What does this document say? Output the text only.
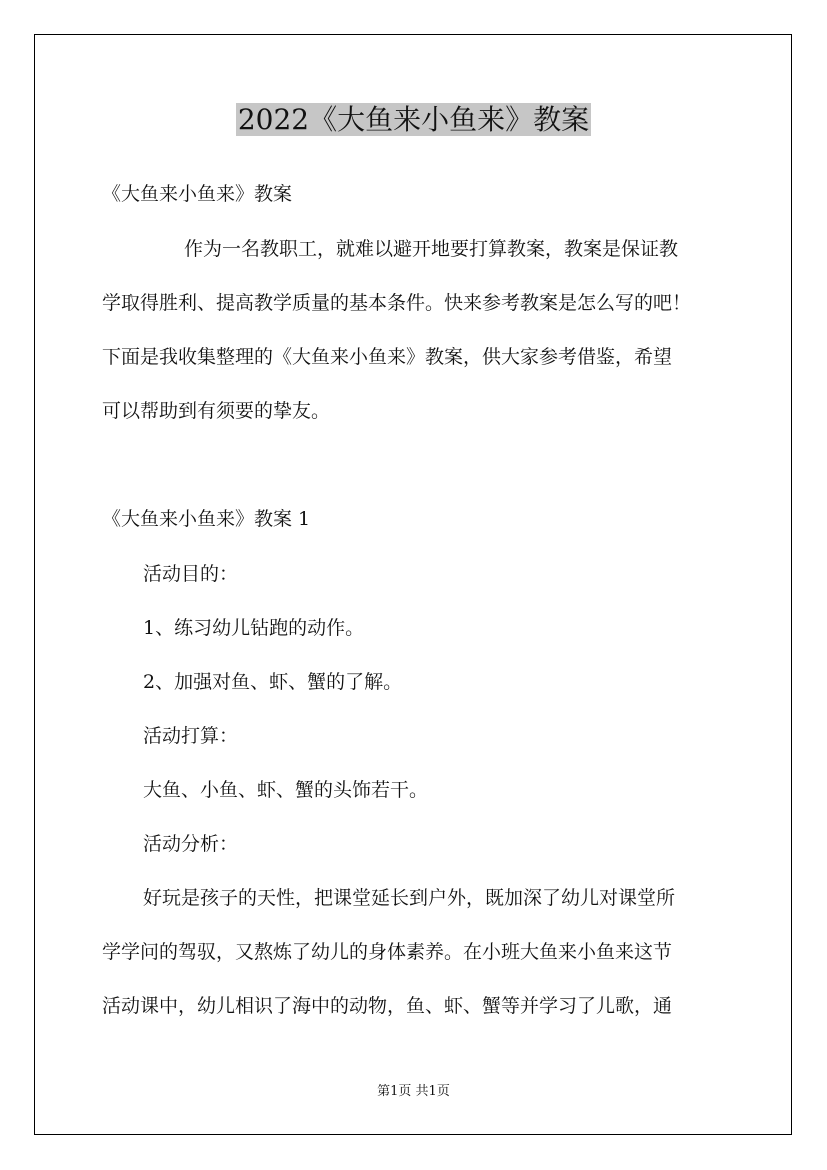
2022《大鱼来小鱼来》教案
《大鱼来小鱼来》教案
作为一名教职工，就难以避开地要打算教案，教案是保证教
学取得胜利、提高教学质量的基本条件。快来参考教案是怎么写的吧！
下面是我收集整理的《大鱼来小鱼来》教案，供大家参考借鉴，希望
可以帮助到有须要的挚友。
《大鱼来小鱼来》教案 1
活动目的：
1、练习幼儿钻跑的动作。
2、加强对鱼、虾、蟹的了解。
活动打算：
大鱼、小鱼、虾、蟹的头饰若干。
活动分析：
好玩是孩子的天性，把课堂延长到户外，既加深了幼儿对课堂所
学学问的驾驭，又熬炼了幼儿的身体素养。在小班大鱼来小鱼来这节
活动课中，幼儿相识了海中的动物，鱼、虾、蟹等并学习了儿歌，通
第1页 共1页
